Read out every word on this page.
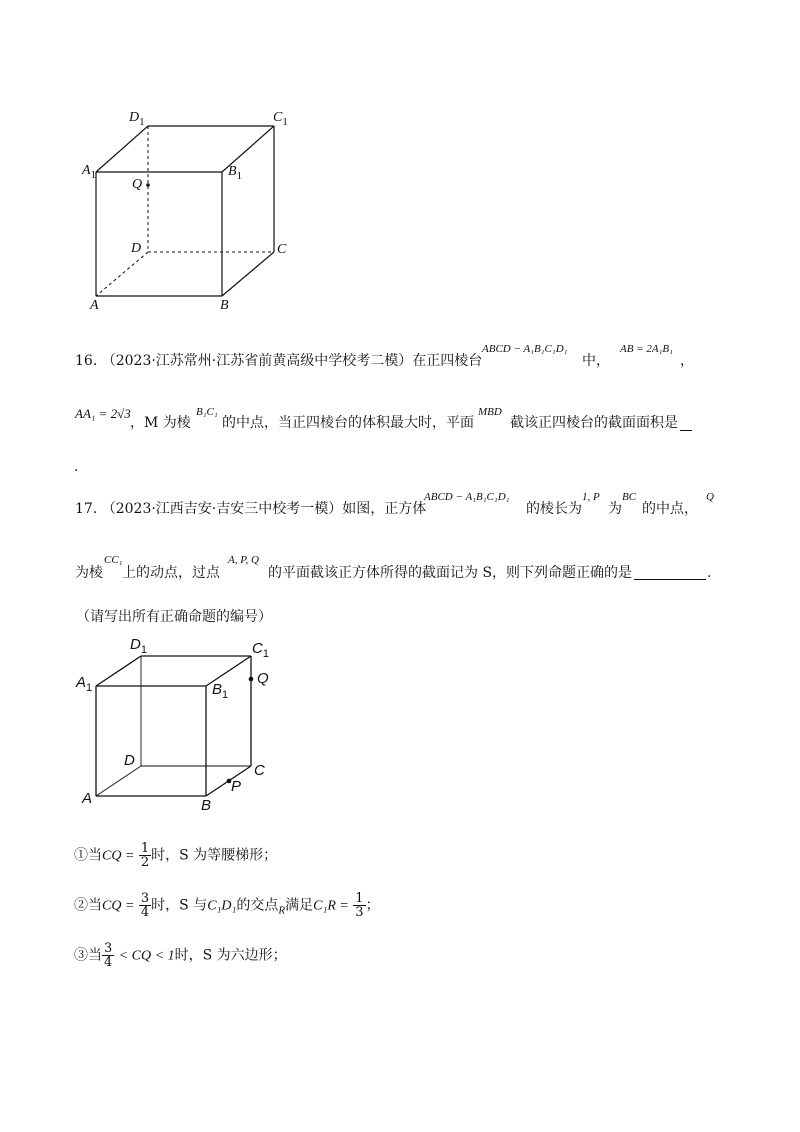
$D_1$	$C_1$
$A_1$	$B_1$
Q
D	C
A	B
16. （2023·江苏常州·江苏省前黄高级中学校考二模）在正四棱台
ABCD − A₁B₁C₁D₁
中，
AB = 2A₁B₁
，
AA₁ = 2√3
，M 为棱
B₁C₁
的中点，当正四棱台的体积最大时，平面
MBD
截该正四棱台的截面面积是
.
17. （2023·江西吉安·吉安三中校考一模）如图，正方体
ABCD − A₁B₁C₁D₁
的棱长为
1, P
为
BC
的中点，
Q
为棱
CC₁
上的动点，过点
A, P, Q
的平面截该正方体所得的截面记为 S，则下列命题正确的是	.
（请写出所有正确命题的编号）
$D_1$	$C_1$
$A_1$	$B_1$
Q
D
C
A	B
P
①当CQ = $\frac{1}{2}$ 时，S 为等腰梯形；
②当CQ = $\frac{3}{4}$ 时，S 与C₁D₁的交点$_R$满足$C_1R = \frac{1}{3}$ ；
③当 $\frac{3}{4}$ < CQ < 1时，S 为六边形；
